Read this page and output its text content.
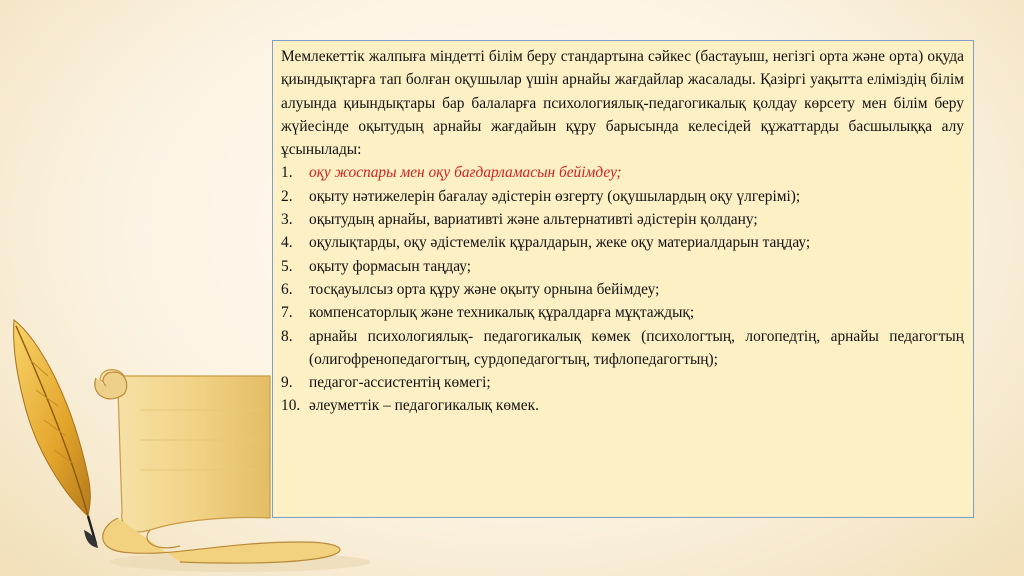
Мемлекеттік жалпыға міндетті білім беру стандартына сәйкес (бастауыш, негізгі орта және орта) оқуда қиындықтарға тап болған оқушылар үшін арнайы жағдайлар жасалады. Қазіргі уақытта еліміздің білім алуында қиындықтары бар балаларға психологиялық-педагогикалық қолдау көрсету мен білім беру жүйесінде оқытудың арнайы жағдайын құру барысында келесідей құжаттарды басшылыққа алу ұсынылады:

1.	оқу жоспары мен оқу бағдарламасын бейімдеу;
2.	оқыту нәтижелерін бағалау әдістерін өзгерту (оқушылардың оқу үлгерімі);
3.	оқытудың арнайы, вариативті және альтернативті әдістерін қолдану;
4.	оқулықтарды, оқу әдістемелік құралдарын, жеке оқу материалдарын таңдау;
5.	оқыту формасын таңдау;
6.	тосқауылсыз орта құру және оқыту орнына бейімдеу;
7.	компенсаторлық және техникалық құралдарға мұқтаждық;
8.	арнайы психологиялық- педагогикалық көмек (психологтың, логопедтің, арнайы педагогтың (олигофренопедагогтың, сурдопедагогтың, тифлопедагогтың);
9.	педагог-ассистентің көмегі;
10. әлеуметтік – педагогикалық көмек.
